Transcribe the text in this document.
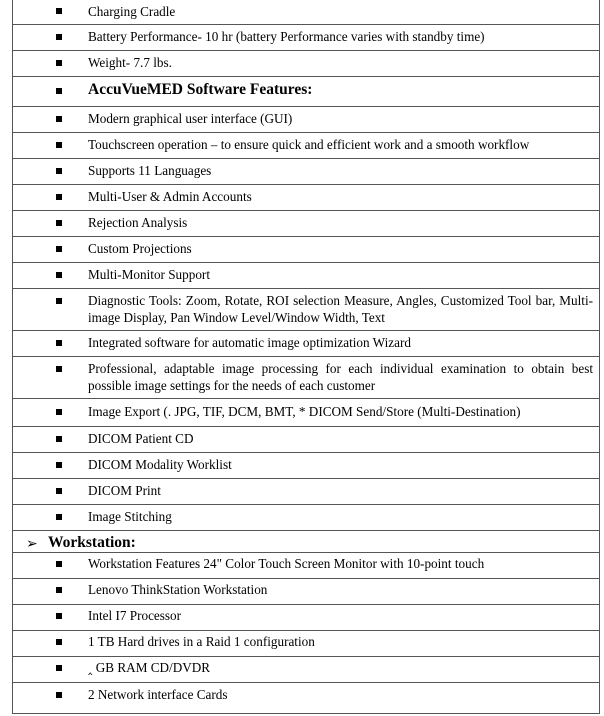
Charging Cradle
Battery Performance- 10 hr (battery Performance varies with standby time)
Weight- 7.7 lbs.
AccuVueMED Software Features:
Modern graphical user interface (GUI)
Touchscreen operation – to ensure quick and efficient work and a smooth workflow
Supports 11 Languages
Multi-User & Admin Accounts
Rejection Analysis
Custom Projections
Multi-Monitor Support
Diagnostic Tools: Zoom, Rotate, ROI selection Measure, Angles, Customized Tool bar, Multi-image Display, Pan Window Level/Window Width, Text
Integrated software for automatic image optimization Wizard
Professional, adaptable image processing for each individual examination to obtain best possible image settings for the needs of each customer
Image Export (. JPG, TIF, DCM, BMT, * DICOM Send/Store (Multi-Destination)
DICOM Patient CD
DICOM Modality Worklist
DICOM Print
Image Stitching
Workstation Features 24" Color Touch Screen Monitor with 10-point touch
Lenovo ThinkStation Workstation
Intel I7 Processor
1 TB Hard drives in a Raid 1 configuration
‸ GB RAM CD/DVDR
2 Network interface Cards
➢ Workstation:
